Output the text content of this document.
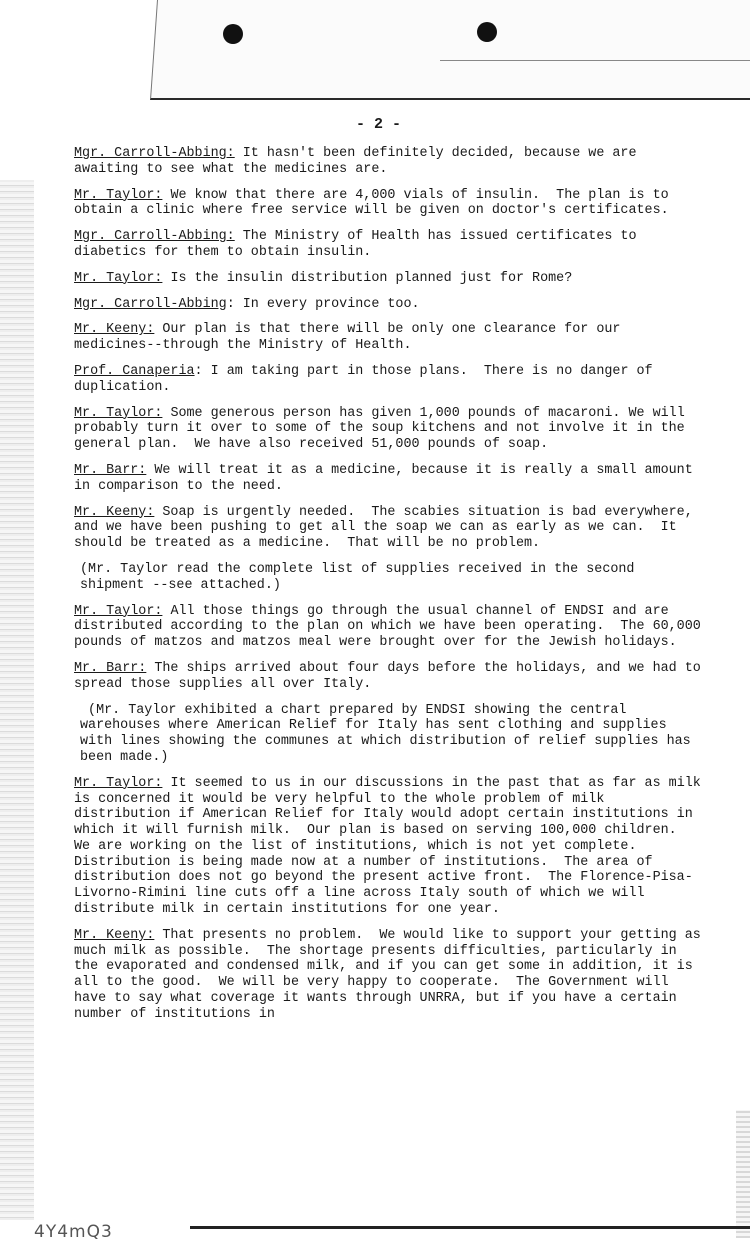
- 2 -

Mgr. Carroll-Abbing: It hasn't been definitely decided, because we are awaiting to see what the medicines are.

Mr. Taylor: We know that there are 4,000 vials of insulin.  The plan is to obtain a clinic where free service will be given on doctor's certificates.

Mgr. Carroll-Abbing: The Ministry of Health has issued certificates to diabetics for them to obtain insulin.

Mr. Taylor: Is the insulin distribution planned just for Rome?

Mgr. Carroll-Abbing: In every province too.

Mr. Keeny: Our plan is that there will be only one clearance for our medicines--through the Ministry of Health.

Prof. Canaperia: I am taking part in those plans.  There is no danger of duplication.

Mr. Taylor: Some generous person has given 1,000 pounds of macaroni. We will probably turn it over to some of the soup kitchens and not involve it in the general plan.  We have also received 51,000 pounds of soap.

Mr. Barr: We will treat it as a medicine, because it is really a small amount in comparison to the need.

Mr. Keeny: Soap is urgently needed.  The scabies situation is bad everywhere, and we have been pushing to get all the soap we can as early as we can.  It should be treated as a medicine.  That will be no problem.

(Mr. Taylor read the complete list of supplies received in the second shipment --see attached.)

Mr. Taylor: All those things go through the usual channel of ENDSI and are distributed according to the plan on which we have been operating.  The 60,000 pounds of matzos and matzos meal were brought over for the Jewish holidays.

Mr. Barr: The ships arrived about four days before the holidays, and we had to spread those supplies all over Italy.

(Mr. Taylor exhibited a chart prepared by ENDSI showing the central warehouses where American Relief for Italy has sent clothing and supplies with lines showing the communes at which distribution of relief supplies has been made.)

Mr. Taylor: It seemed to us in our discussions in the past that as far as milk is concerned it would be very helpful to the whole problem of milk distribution if American Relief for Italy would adopt certain institutions in which it will furnish milk.  Our plan is based on serving 100,000 children.  We are working on the list of institutions, which is not yet complete.  Distribution is being made now at a number of institutions.  The area of distribution does not go beyond the present active front.  The Florence-Pisa-Livorno-Rimini line cuts off a line across Italy south of which we will distribute milk in certain institutions for one year.

Mr. Keeny: That presents no problem.  We would like to support your getting as much milk as possible.  The shortage presents difficulties, particularly in the evaporated and condensed milk, and if you can get some in addition, it is all to the good.  We will be very happy to cooperate.  The Government will have to say what coverage it wants through UNRRA, but if you have a certain number of institutions in

4Y4mQ3
